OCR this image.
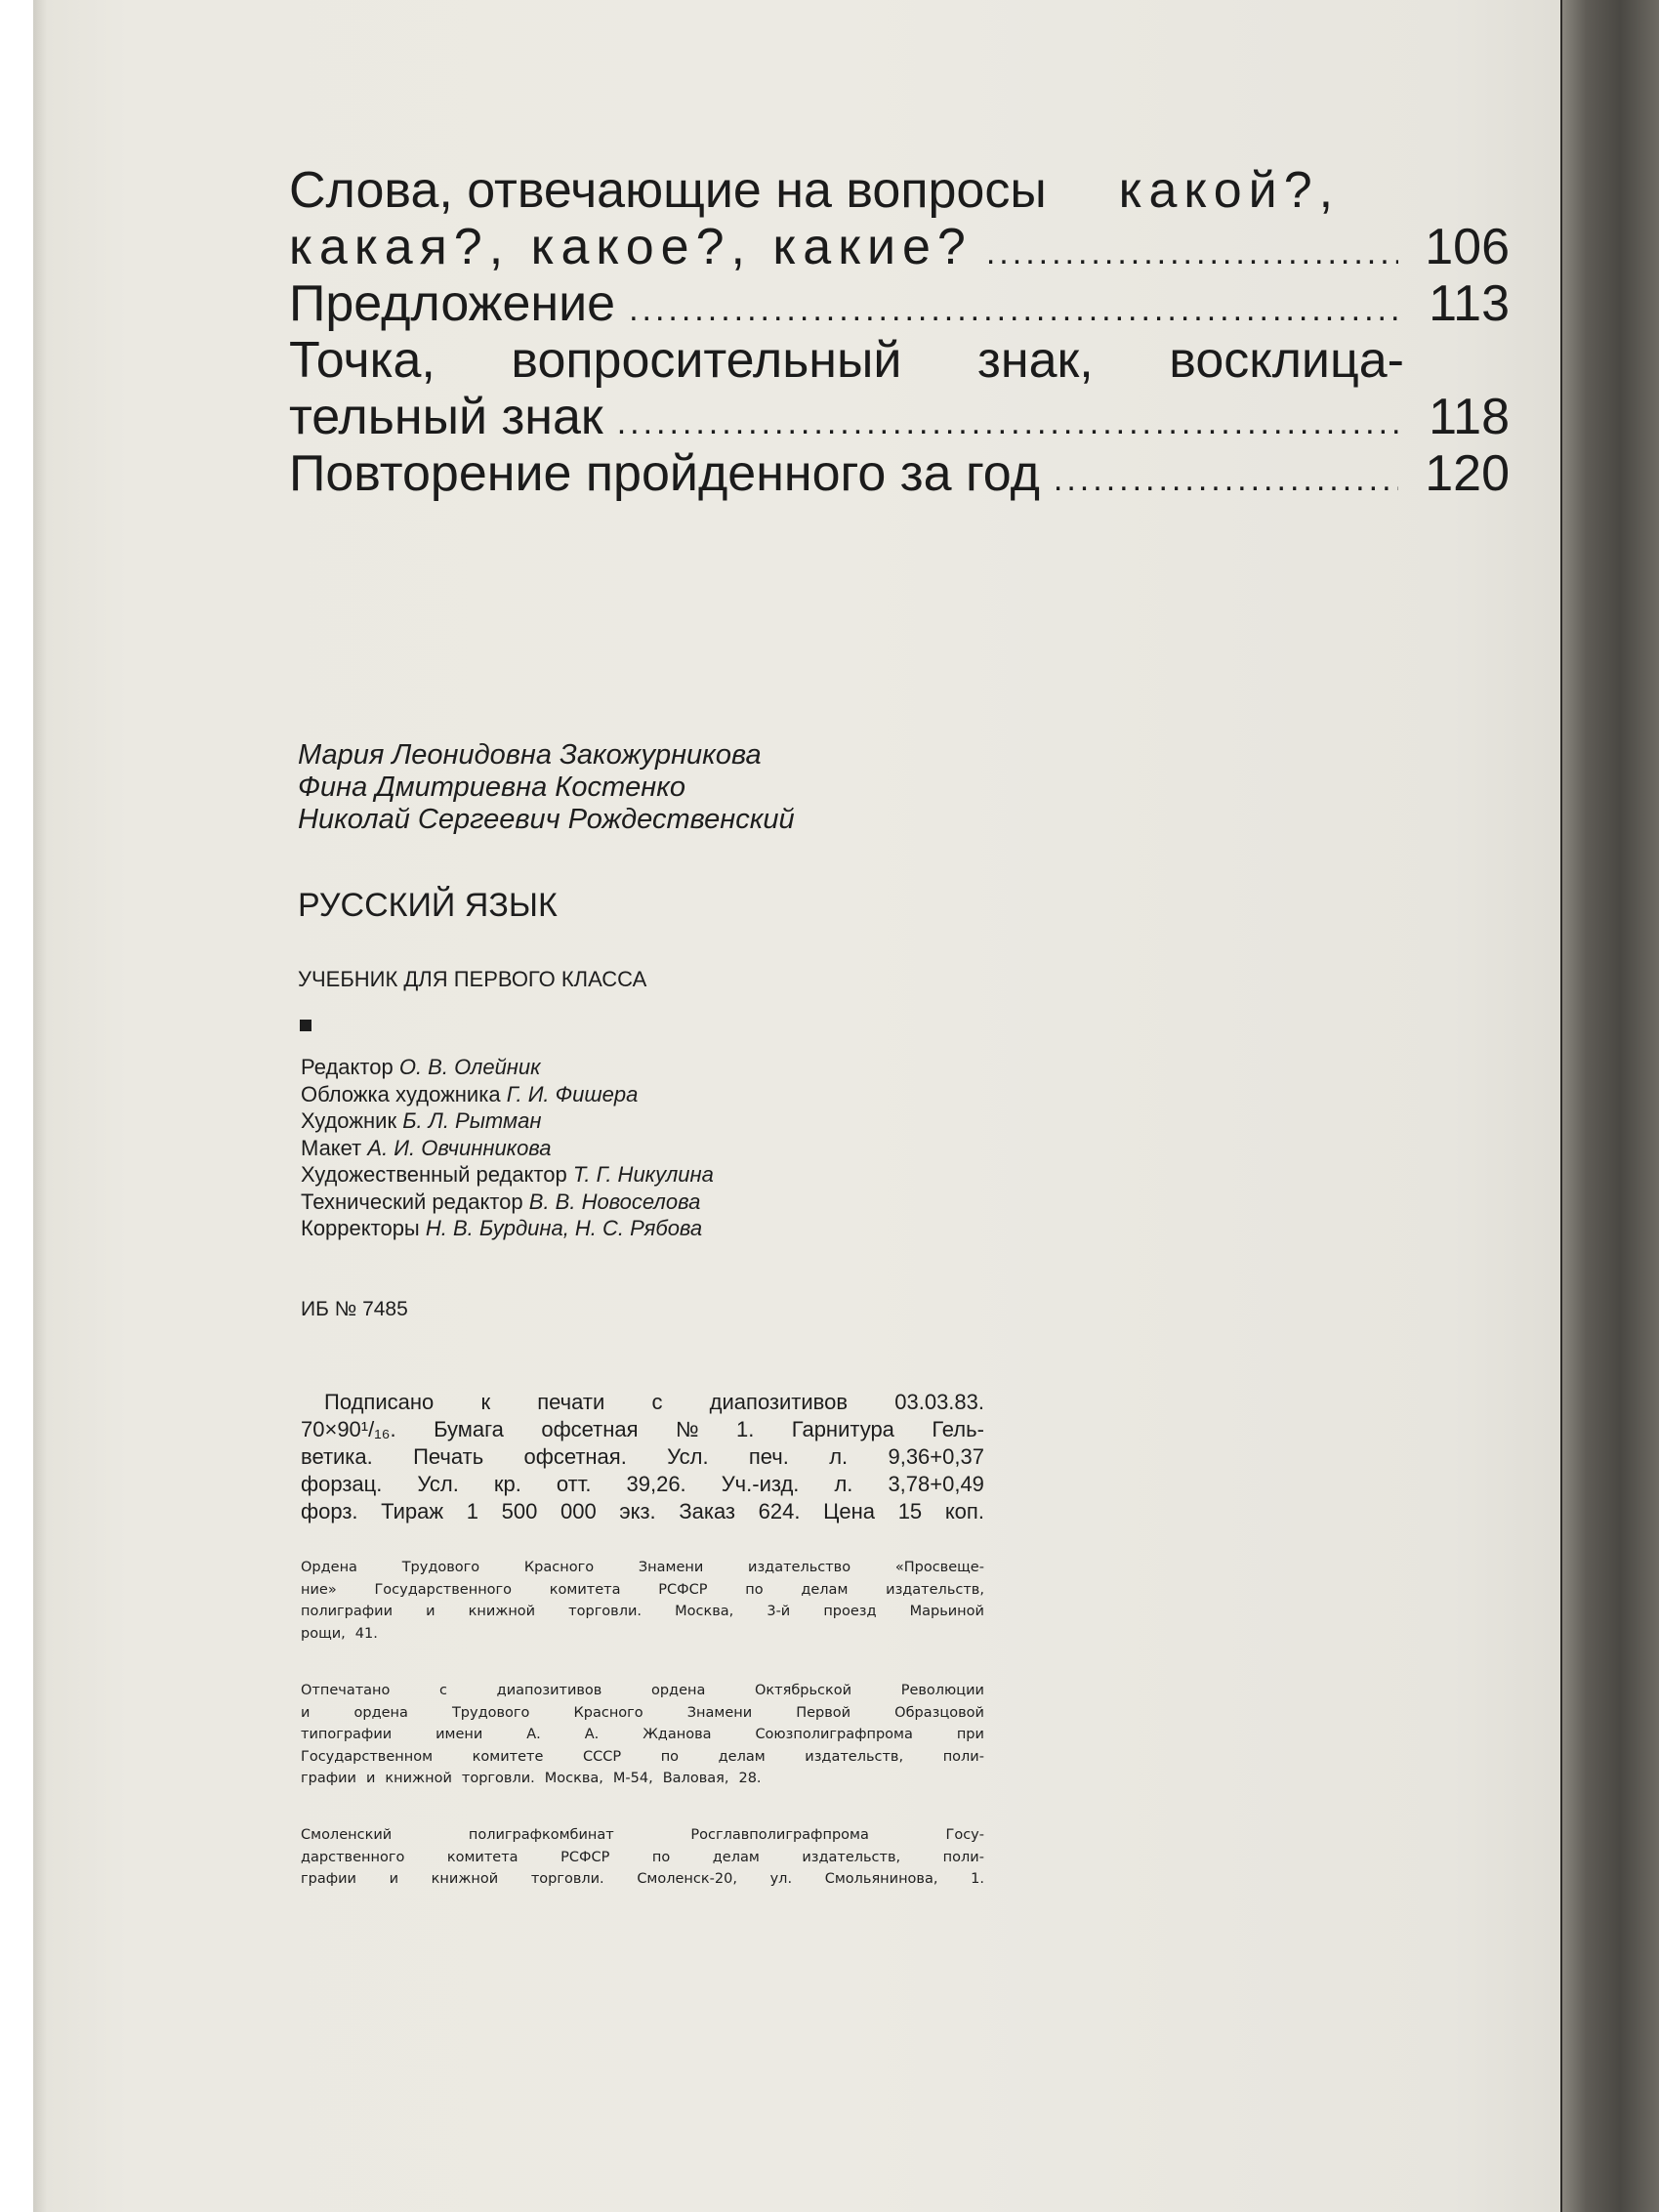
Слова, отвечающие на вопросы какой?,
какая?, какое?, какие? .....	106
Предложение .....	113
Точка, вопросительный знак, восклица-
тельный знак .....	118
Повторение пройденного за год .....	120
Мария Леонидовна Закожурникова
Фина Дмитриевна Костенко
Николай Сергеевич Рождественский
РУССКИЙ ЯЗЫК
УЧЕБНИК ДЛЯ ПЕРВОГО КЛАССА
Редактор О. В. Олейник
Обложка художника Г. И. Фишера
Художник Б. Л. Рытман
Макет А. И. Овчинникова
Художественный редактор Т. Г. Никулина
Технический редактор В. В. Новоселова
Корректоры Н. В. Бурдина, Н. С. Рябова
ИБ № 7485
Подписано к печати с диапозитивов 03.03.83.
70×90¹/₁₆. Бумага офсетная № 1. Гарнитура Гель-
ветика. Печать офсетная. Усл. печ. л. 9,36+0,37
форзац. Усл. кр. отт. 39,26. Уч.-изд. л. 3,78+0,49
форз. Тираж 1 500 000 экз. Заказ 624. Цена 15 коп.
Ордена	Трудового	Красного	Знамени	издательство	«Просвеще-
ние»	Государственного	комитета	РСФСР	по	делам	издательств,
полиграфии и книжной торговли. Москва, 3-й проезд Марьиной
рощи, 41.
Отпечатано	с	диапозитивов	ордена	Октябрьской	Революции
и	ордена	Трудового	Красного	Знамени	Первой	Образцовой
типографии	имени	А.	А.	Жданова	Союзполиграфпрома	при
Государственном	комитете	СССР	по	делам	издательств,	поли-
графии и книжной торговли. Москва, М-54, Валовая, 28.
Смоленский	полиграфкомбинат	Росглавполиграфпрома	Госу-
дарственного	комитета	РСФСР	по	делам	издательств,	поли-
графии и книжной торговли. Смоленск-20, ул. Смольянинова, 1.
